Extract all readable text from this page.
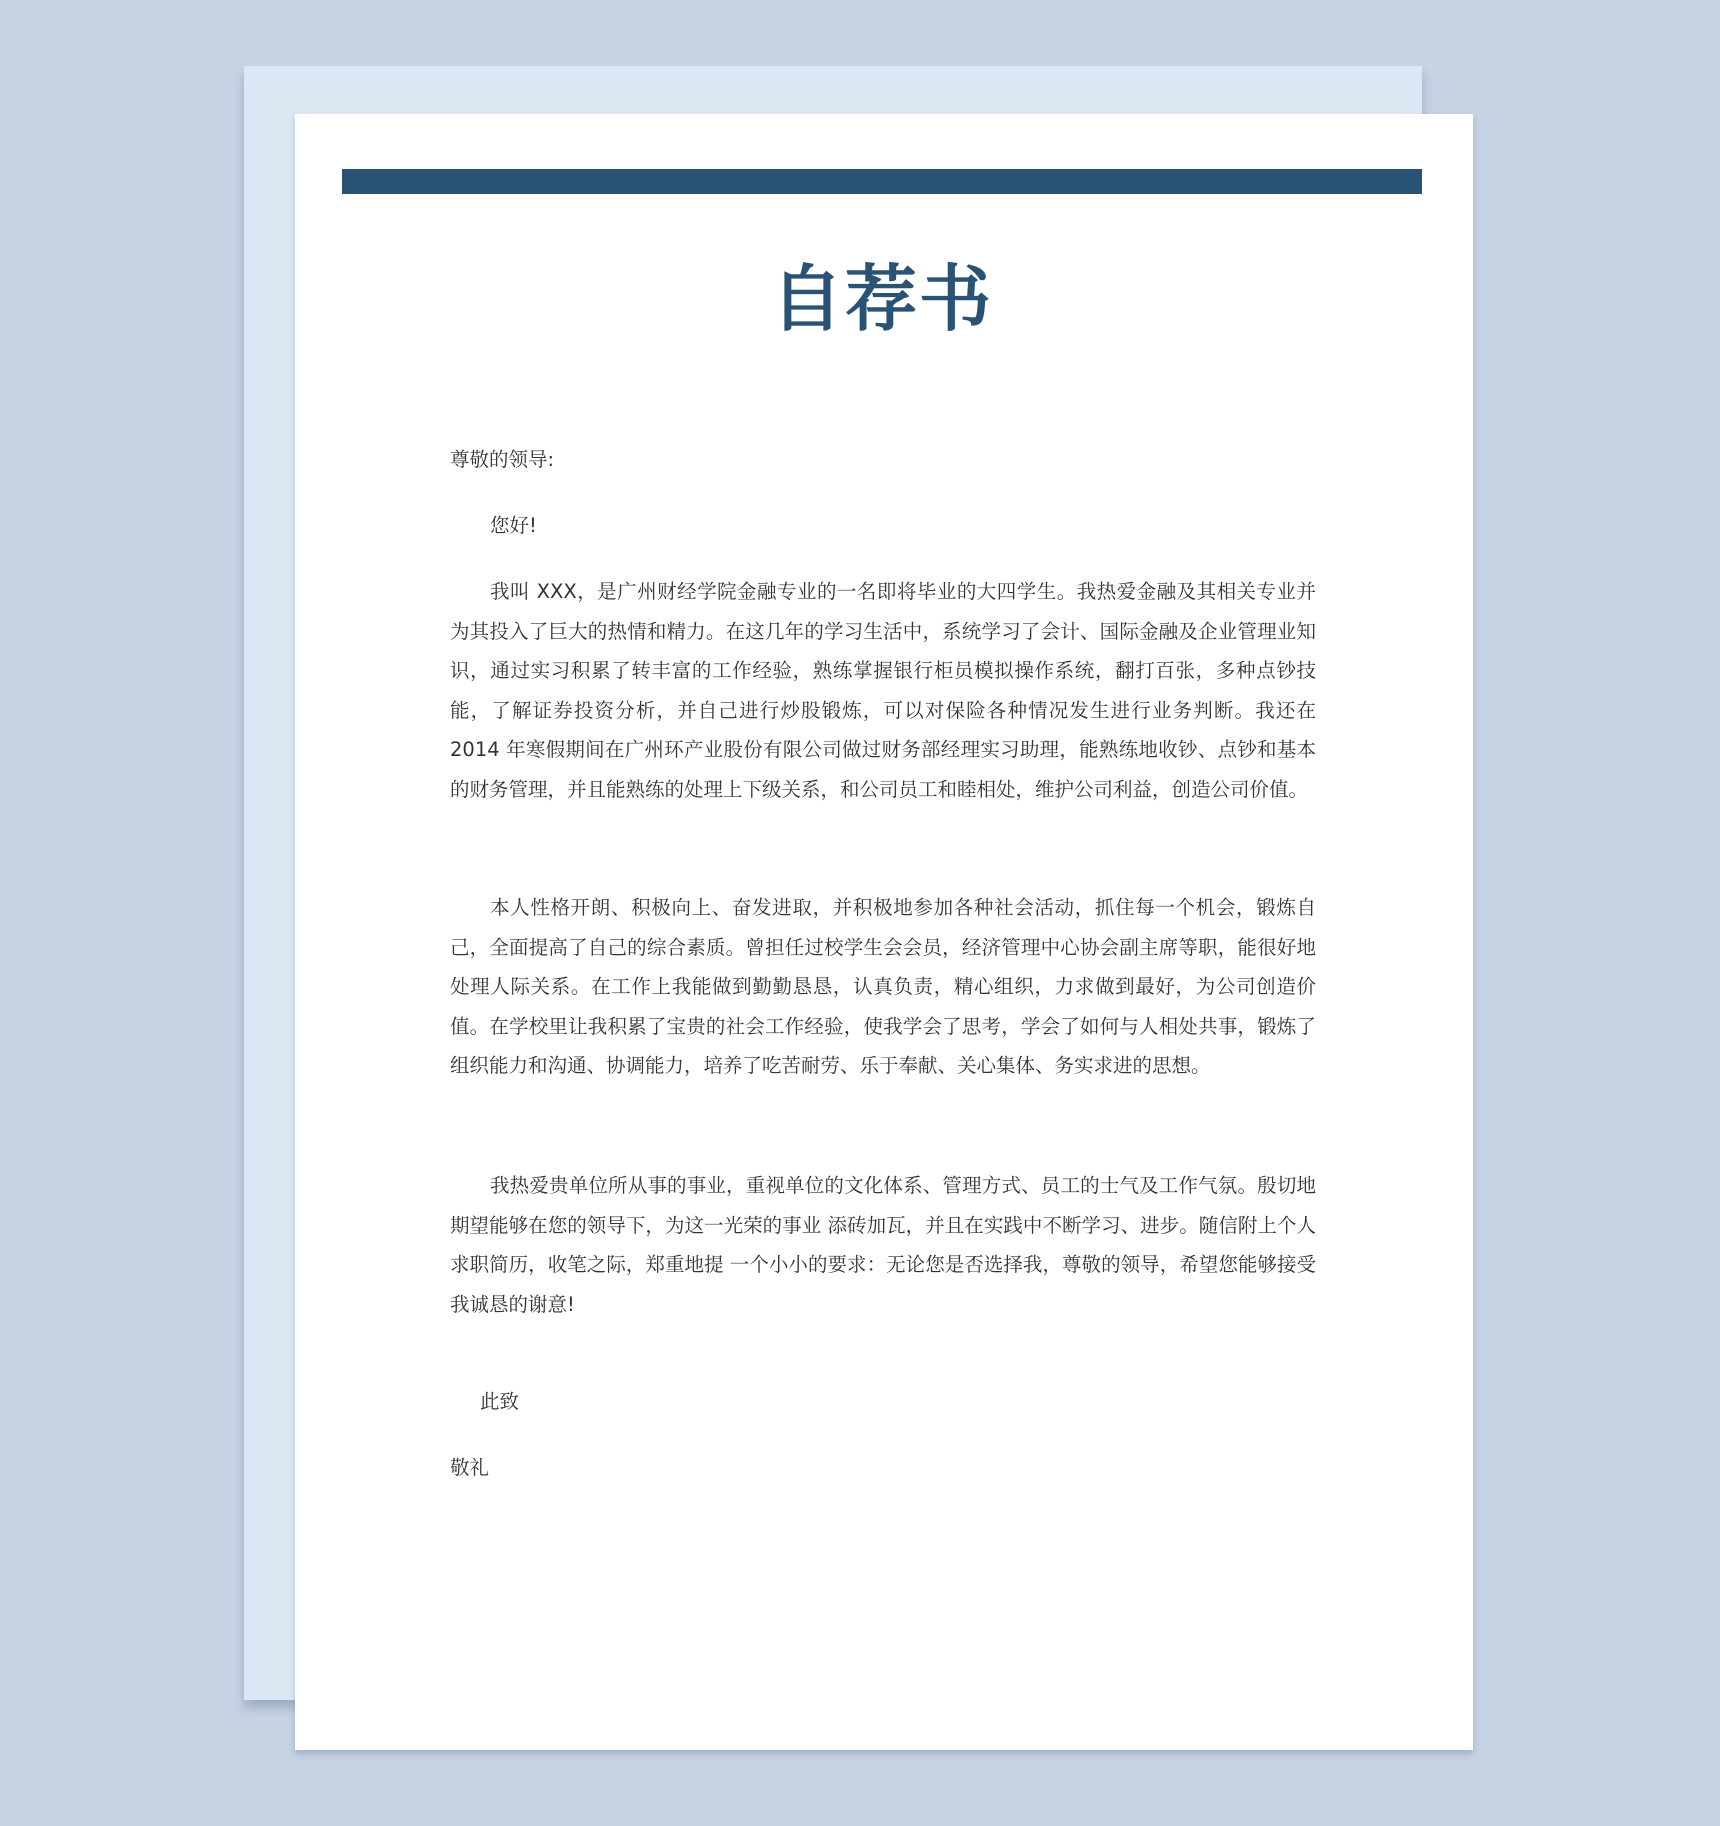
自荐书
尊敬的领导:
您好!

我叫 XXX，是广州财经学院金融专业的一名即将毕业的大四学生。我热爱金融及其相关专业并为其投入了巨大的热情和精力。在这几年的学习生活中，系统学习了会计、国际金融及企业管理业知识，通过实习积累了转丰富的工作经验，熟练掌握银行柜员模拟操作系统，翻打百张，多种点钞技能，了解证券投资分析，并自己进行炒股锻炼，可以对保险各种情况发生进行业务判断。我还在 2014 年寒假期间在广州环产业股份有限公司做过财务部经理实习助理，能熟练地收钞、点钞和基本的财务管理，并且能熟练的处理上下级关系，和公司员工和睦相处，维护公司利益，创造公司价值。

本人性格开朗、积极向上、奋发进取，并积极地参加各种社会活动，抓住每一个机会，锻炼自己，全面提高了自己的综合素质。曾担任过校学生会会员，经济管理中心协会副主席等职，能很好地处理人际关系。在工作上我能做到勤勤恳恳，认真负责，精心组织，力求做到最好，为公司创造价值。在学校里让我积累了宝贵的社会工作经验，使我学会了思考，学会了如何与人相处共事，锻炼了组织能力和沟通、协调能力，培养了吃苦耐劳、乐于奉献、关心集体、务实求进的思想。

我热爱贵单位所从事的事业，重视单位的文化体系、管理方式、员工的士气及工作气氛。殷切地期望能够在您的领导下，为这一光荣的事业 添砖加瓦，并且在实践中不断学习、进步。随信附上个人求职简历，收笔之际，郑重地提 一个小小的要求：无论您是否选择我，尊敬的领导，希望您能够接受我诚恳的谢意!

此致
敬礼
